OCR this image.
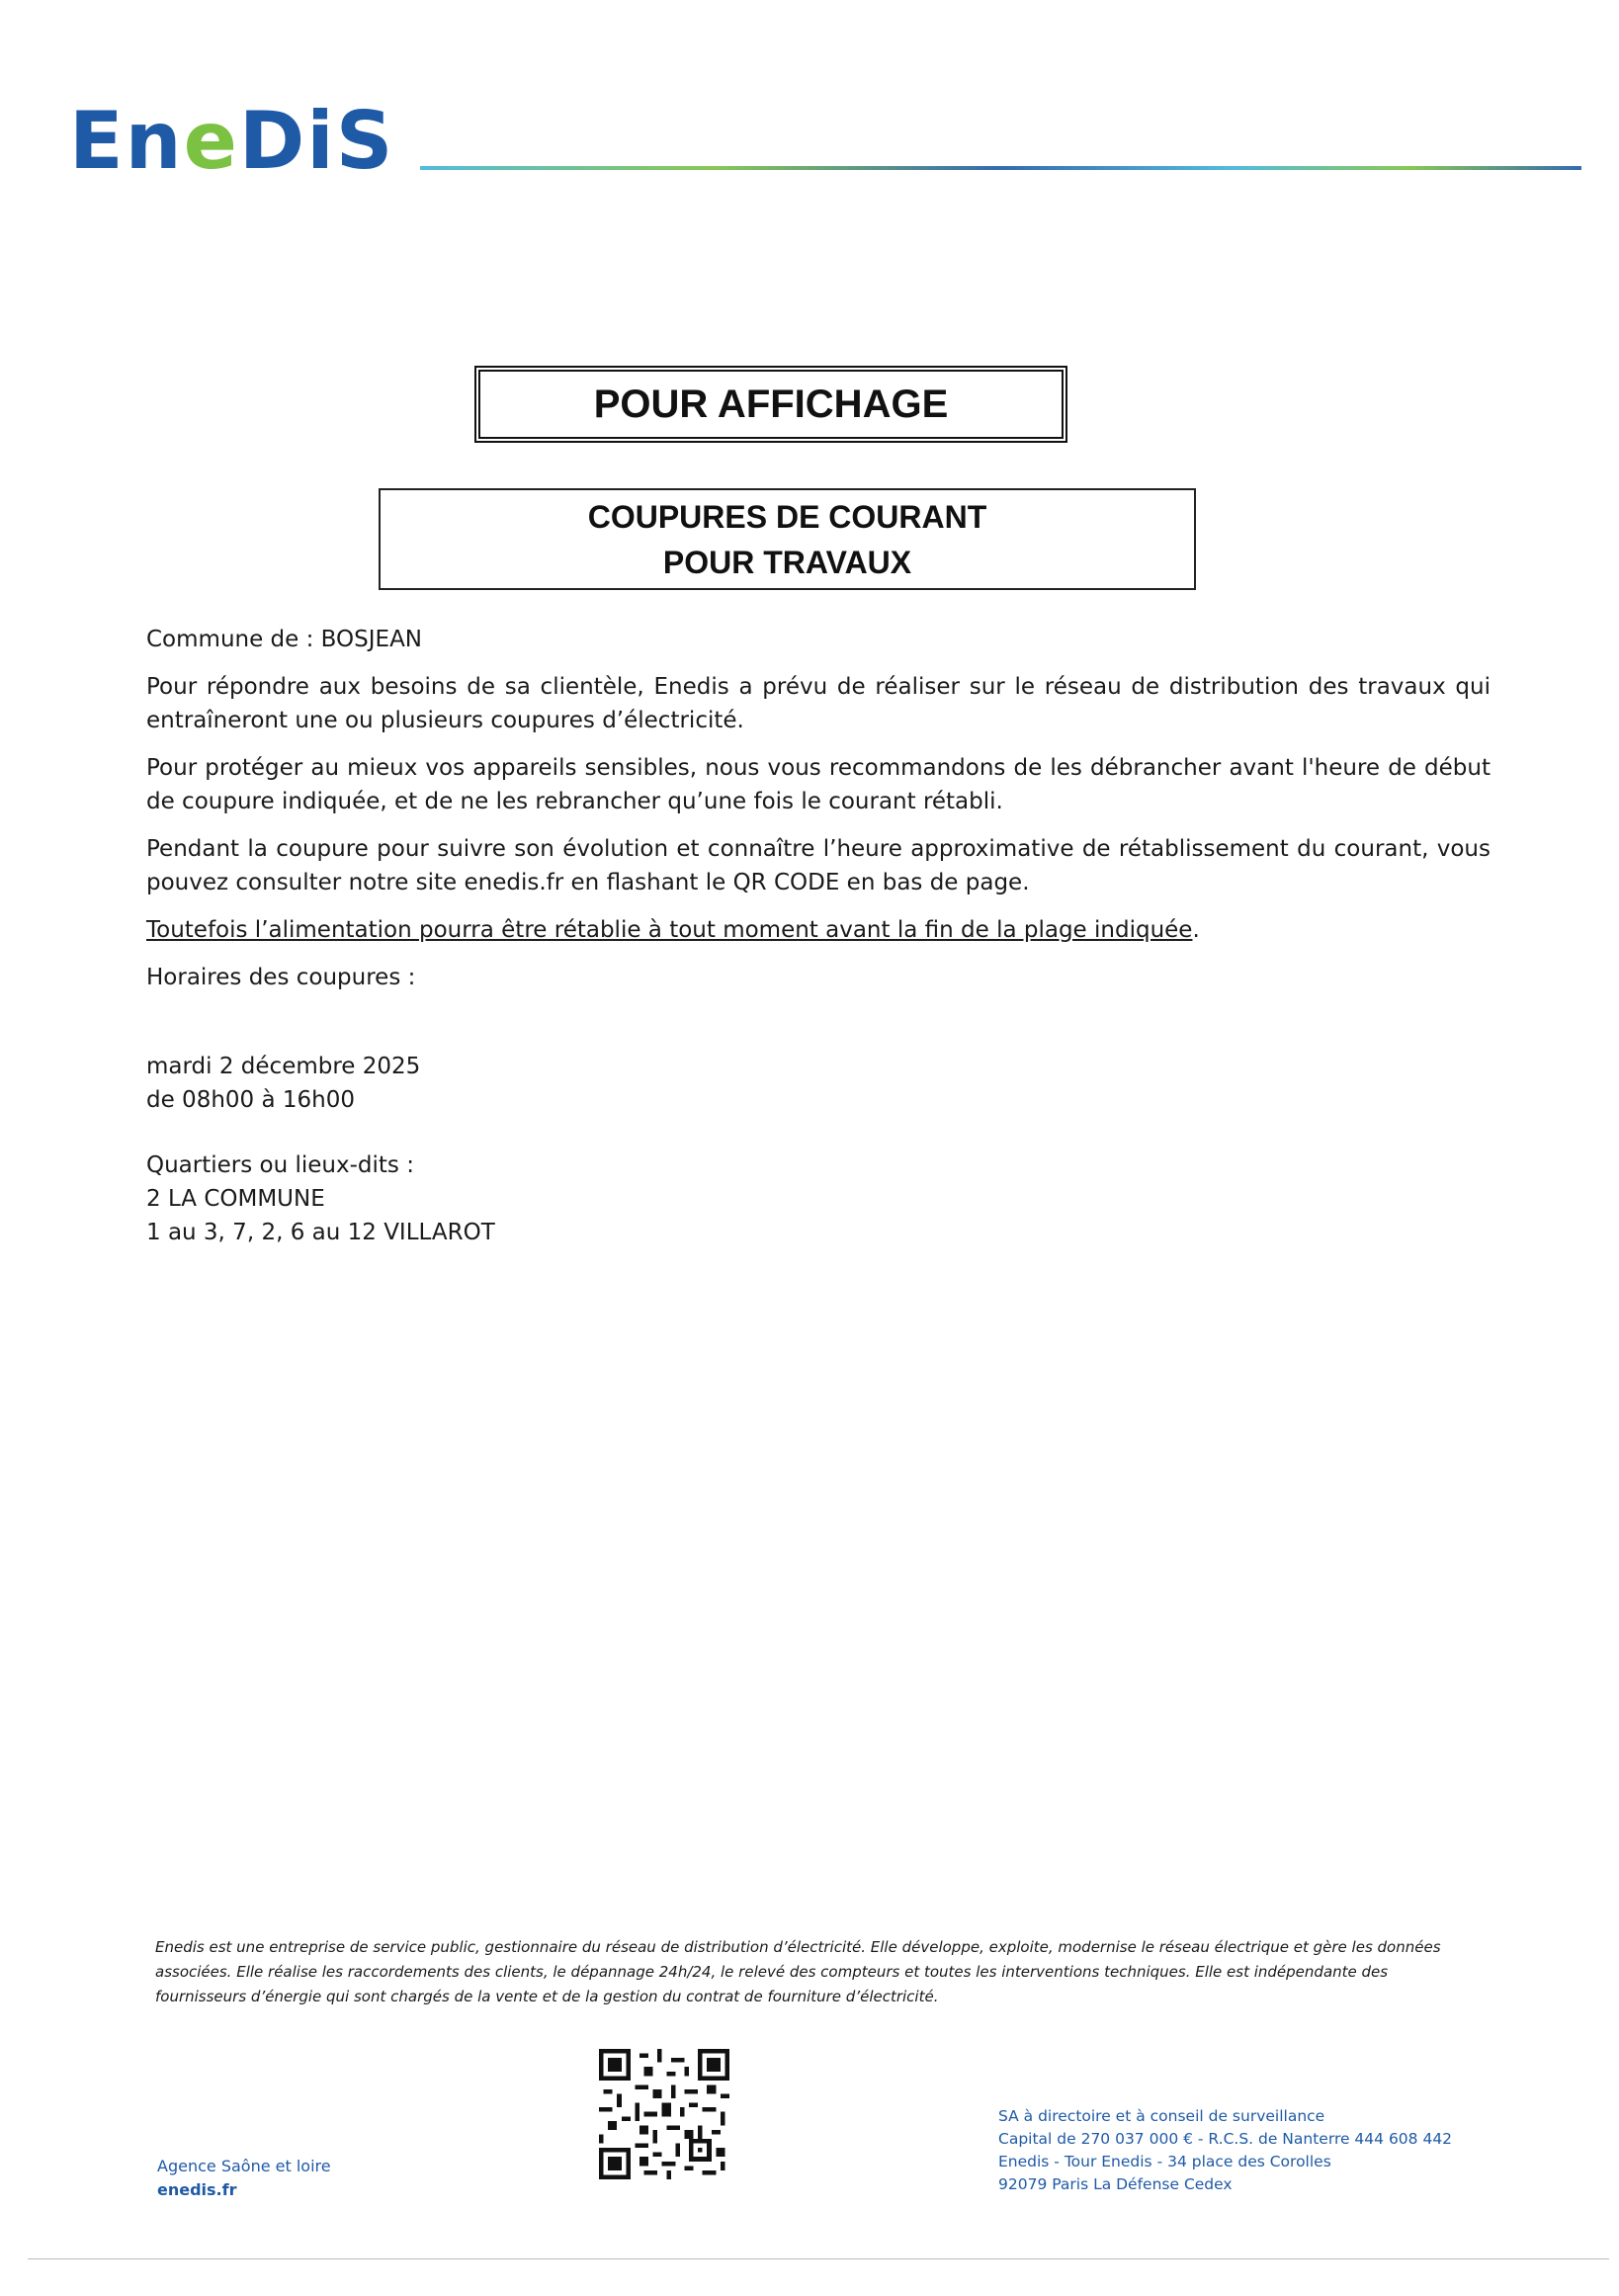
EneDiS
POUR AFFICHAGE
COUPURES DE COURANT
POUR TRAVAUX

Commune de : BOSJEAN

Pour répondre aux besoins de sa clientèle, Enedis a prévu de réaliser sur le réseau de distribution des travaux qui entraîneront une ou plusieurs coupures d’électricité.

Pour protéger au mieux vos appareils sensibles, nous vous recommandons de les débrancher avant l'heure de début de coupure indiquée, et de ne les rebrancher qu’une fois le courant rétabli.

Pendant la coupure pour suivre son évolution et connaître l’heure approximative de rétablissement du courant, vous pouvez consulter notre site enedis.fr en flashant le QR CODE en bas de page.

Toutefois l’alimentation pourra être rétablie à tout moment avant la fin de la plage indiquée.

Horaires des coupures :

mardi 2 décembre 2025

de 08h00 à 16h00

Quartiers ou lieux-dits :

2 LA COMMUNE

1 au 3, 7, 2, 6 au 12 VILLAROT

Enedis est une entreprise de service public, gestionnaire du réseau de distribution d’électricité. Elle développe, exploite, modernise le réseau électrique et gère les données associées. Elle réalise les raccordements des clients, le dépannage 24h/24, le relevé des compteurs et toutes les interventions techniques. Elle est indépendante des fournisseurs d’énergie qui sont chargés de la vente et de la gestion du contrat de fourniture d’électricité.
Agence Saône et loire
enedis.fr
SA à directoire et à conseil de surveillance
Capital de 270 037 000 € - R.C.S. de Nanterre 444 608 442
Enedis - Tour Enedis - 34 place des Corolles
92079 Paris La Défense Cedex
